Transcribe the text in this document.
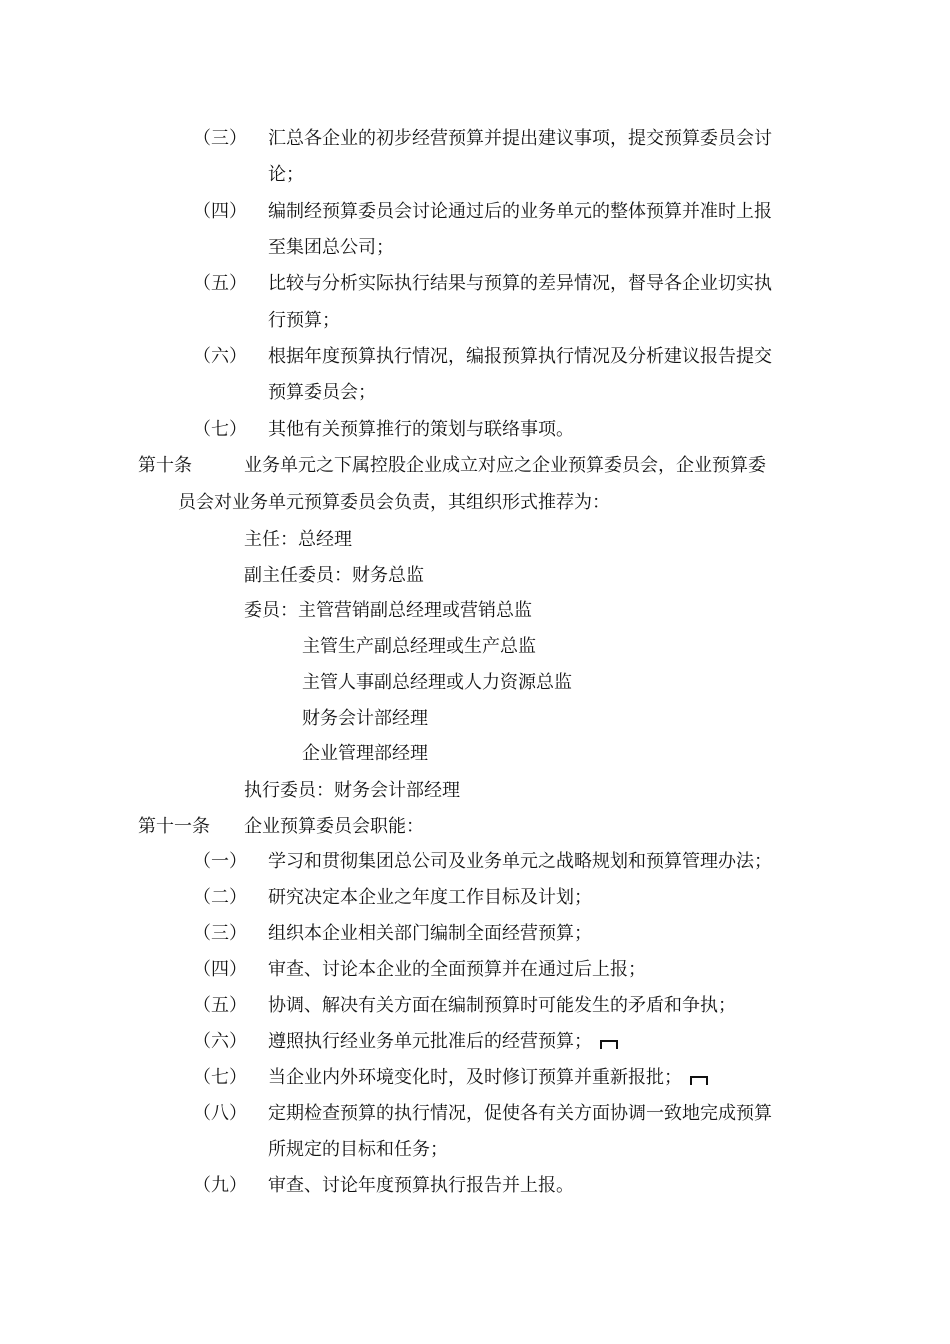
（三） 汇总各企业的初步经营预算并提出建议事项，提交预算委员会讨
论；
（四） 编制经预算委员会讨论通过后的业务单元的整体预算并准时上报
至集团总公司；
（五） 比较与分析实际执行结果与预算的差异情况，督导各企业切实执
行预算；
（六） 根据年度预算执行情况，编报预算执行情况及分析建议报告提交
预算委员会；
（七） 其他有关预算推行的策划与联络事项。
第十条	业务单元之下属控股企业成立对应之企业预算委员会，企业预算委
员会对业务单元预算委员会负责，其组织形式推荐为：
主任：总经理
副主任委员：财务总监
委员：主管营销副总经理或营销总监
主管生产副总经理或生产总监
主管人事副总经理或人力资源总监
财务会计部经理
企业管理部经理
执行委员：财务会计部经理
第十一条 企业预算委员会职能：
（一） 学习和贯彻集团总公司及业务单元之战略规划和预算管理办法；
（二） 研究决定本企业之年度工作目标及计划；
（三） 组织本企业相关部门编制全面经营预算；
（四） 审查、讨论本企业的全面预算并在通过后上报；
（五） 协调、解决有关方面在编制预算时可能发生的矛盾和争执；
（六） 遵照执行经业务单元批准后的经营预算；
（七） 当企业内外环境变化时，及时修订预算并重新报批；
（八） 定期检查预算的执行情况，促使各有关方面协调一致地完成预算
所规定的目标和任务；
（九） 审查、讨论年度预算执行报告并上报。
